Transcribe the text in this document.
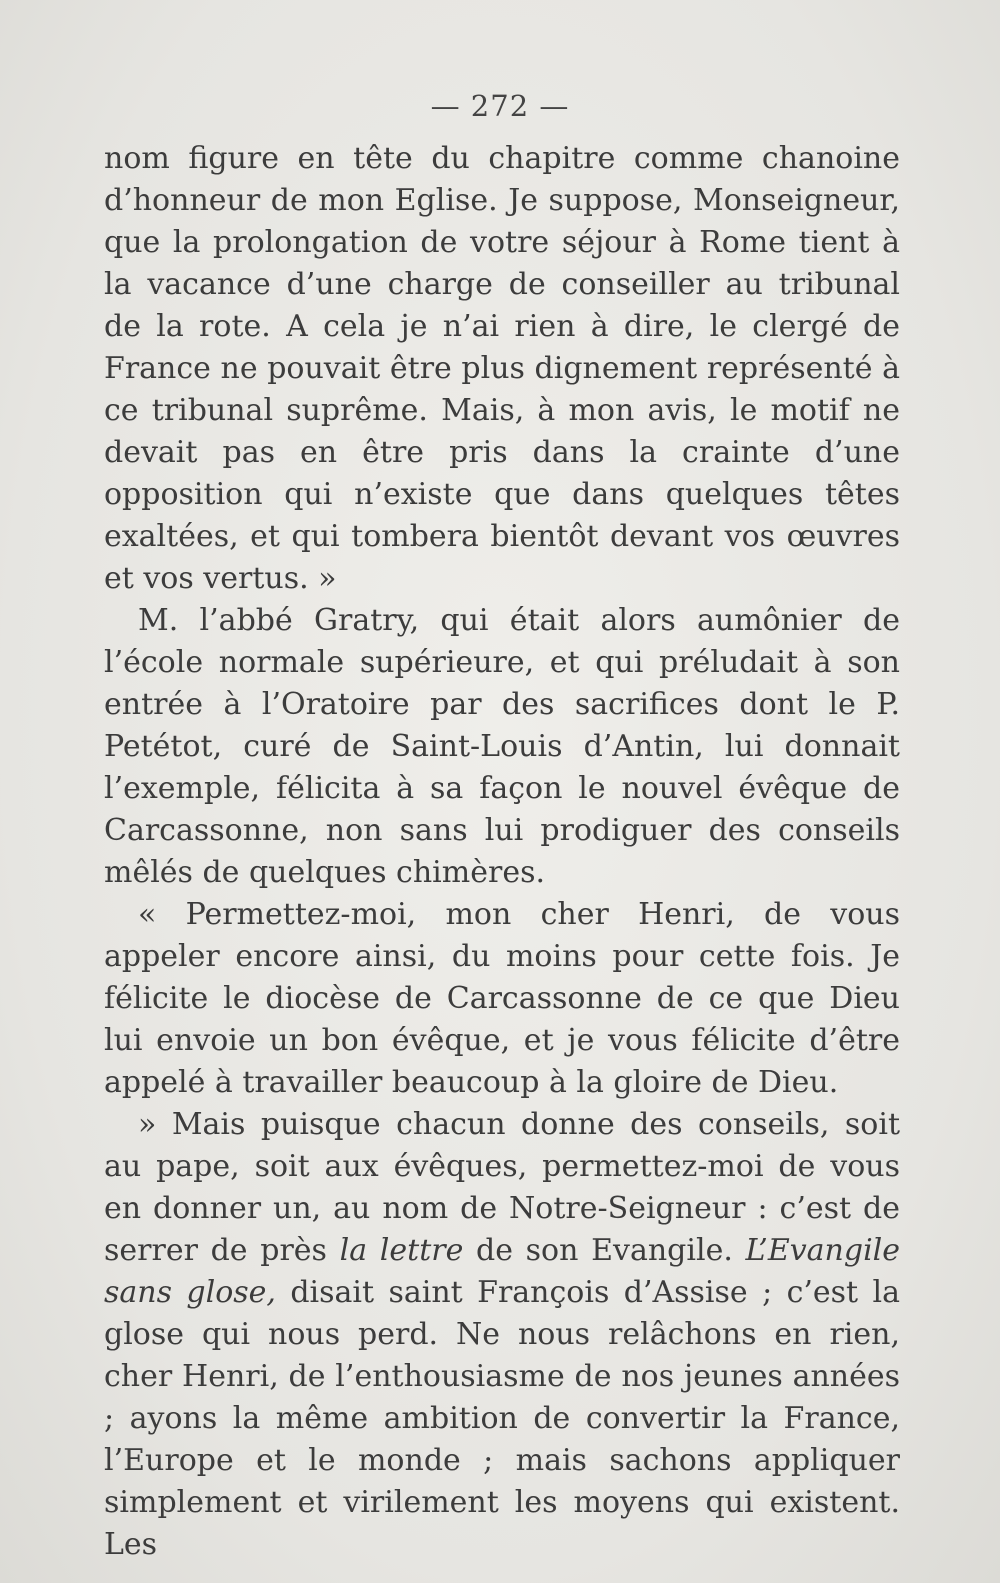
— 272 —

nom figure en tête du chapitre comme chanoine d’honneur de mon Eglise. Je suppose, Monseigneur, que la prolongation de votre séjour à Rome tient à la vacance d’une charge de conseiller au tribunal de la rote. A cela je n’ai rien à dire, le clergé de France ne pouvait être plus dignement représenté à ce tribunal suprême. Mais, à mon avis, le motif ne devait pas en être pris dans la crainte d’une opposition qui n’existe que dans quelques têtes exaltées, et qui tombera bientôt devant vos œuvres et vos vertus. »

M. l’abbé Gratry, qui était alors aumônier de l’école normale supérieure, et qui préludait à son entrée à l’Oratoire par des sacrifices dont le P. Petétot, curé de Saint-Louis d’Antin, lui donnait l’exemple, félicita à sa façon le nouvel évêque de Carcassonne, non sans lui prodiguer des conseils mêlés de quelques chimères.

« Permettez-moi, mon cher Henri, de vous appeler encore ainsi, du moins pour cette fois. Je félicite le diocèse de Carcassonne de ce que Dieu lui envoie un bon évêque, et je vous félicite d’être appelé à travailler beaucoup à la gloire de Dieu.

» Mais puisque chacun donne des conseils, soit au pape, soit aux évêques, permettez-moi de vous en donner un, au nom de Notre-Seigneur : c’est de serrer de près la lettre de son Evangile. L’Evangile sans glose, disait saint François d’Assise ; c’est la glose qui nous perd. Ne nous relâchons en rien, cher Henri, de l’enthousiasme de nos jeunes années ; ayons la même ambition de convertir la France, l’Europe et le monde ; mais sachons appliquer simplement et virilement les moyens qui existent. Les
